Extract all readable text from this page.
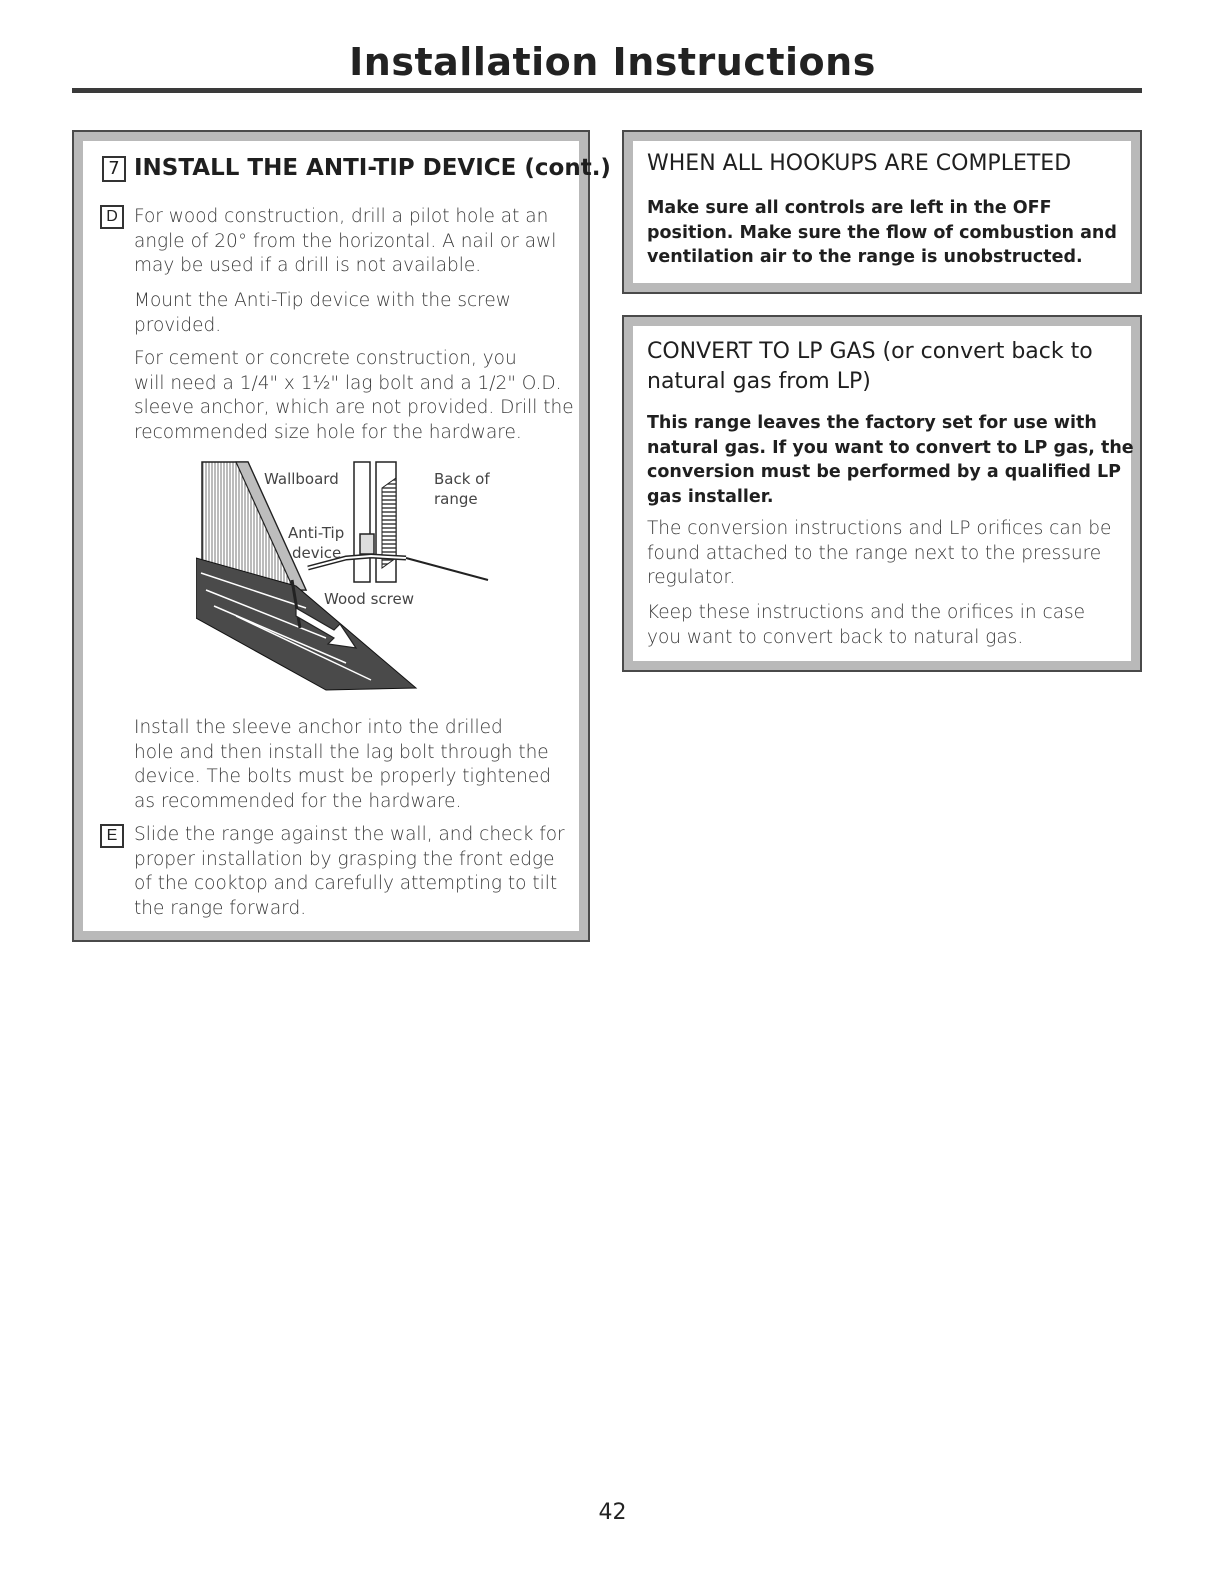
Installation Instructions
7 INSTALL THE ANTI-TIP DEVICE (cont.)
D For wood construction, drill a pilot hole at an
angle of 20° from the horizontal. A nail or awl
may be used if a drill is not available.
Mount the Anti-Tip device with the screw
provided.
For cement or concrete construction, you
will need a 1/4" x 1½" lag bolt and a 1/2" O.D.
sleeve anchor, which are not provided. Drill the
recommended size hole for the hardware.
Wallboard	Back of
range
Anti-Tip
device
Wood screw
Install the sleeve anchor into the drilled
hole and then install the lag bolt through the
device. The bolts must be properly tightened
as recommended for the hardware.
E Slide the range against the wall, and check for
proper installation by grasping the front edge
of the cooktop and carefully attempting to tilt
the range forward.
WHEN ALL HOOKUPS ARE COMPLETED
Make sure all controls are left in the OFF
position. Make sure the flow of combustion and
ventilation air to the range is unobstructed.
CONVERT TO LP GAS (or convert back to
natural gas from LP)
This range leaves the factory set for use with
natural gas. If you want to convert to LP gas, the
conversion must be performed by a qualified LP
gas installer.
The conversion instructions and LP orifices can be
found attached to the range next to the pressure
regulator.
Keep these instructions and the orifices in case
you want to convert back to natural gas.
42
